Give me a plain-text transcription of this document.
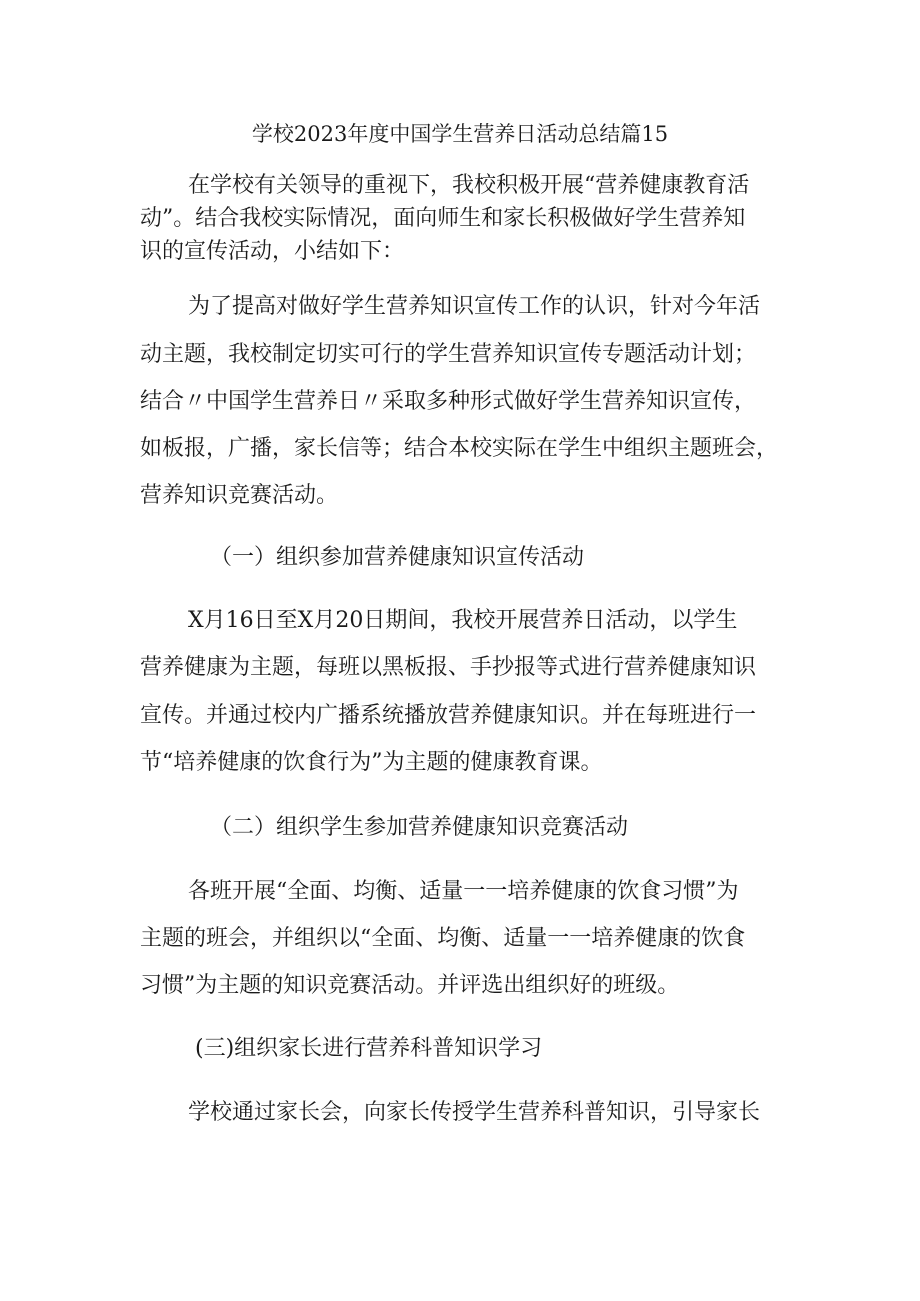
学校2023年度中国学生营养日活动总结篇15
在学校有关领导的重视下，我校积极开展“营养健康教育活
动”。结合我校实际情况，面向师生和家长积极做好学生营养知
识的宣传活动，小结如下：
为了提高对做好学生营养知识宣传工作的认识，针对今年活
动主题，我校制定切实可行的学生营养知识宣传专题活动计划；
结合〃中国学生营养日〃采取多种形式做好学生营养知识宣传，
如板报，广播，家长信等；结合本校实际在学生中组织主题班会，
营养知识竞赛活动。
（一）组织参加营养健康知识宣传活动
X月16日至X月20日期间，我校开展营养日活动，以学生
营养健康为主题，每班以黑板报、手抄报等式进行营养健康知识
宣传。并通过校内广播系统播放营养健康知识。并在每班进行一
节“培养健康的饮食行为”为主题的健康教育课。
（二）组织学生参加营养健康知识竞赛活动
各班开展“全面、均衡、适量一一培养健康的饮食习惯”为
主题的班会，并组织以“全面、均衡、适量一一培养健康的饮食
习惯”为主题的知识竞赛活动。并评选出组织好的班级。
(三)组织家长进行营养科普知识学习
学校通过家长会，向家长传授学生营养科普知识，引导家长
